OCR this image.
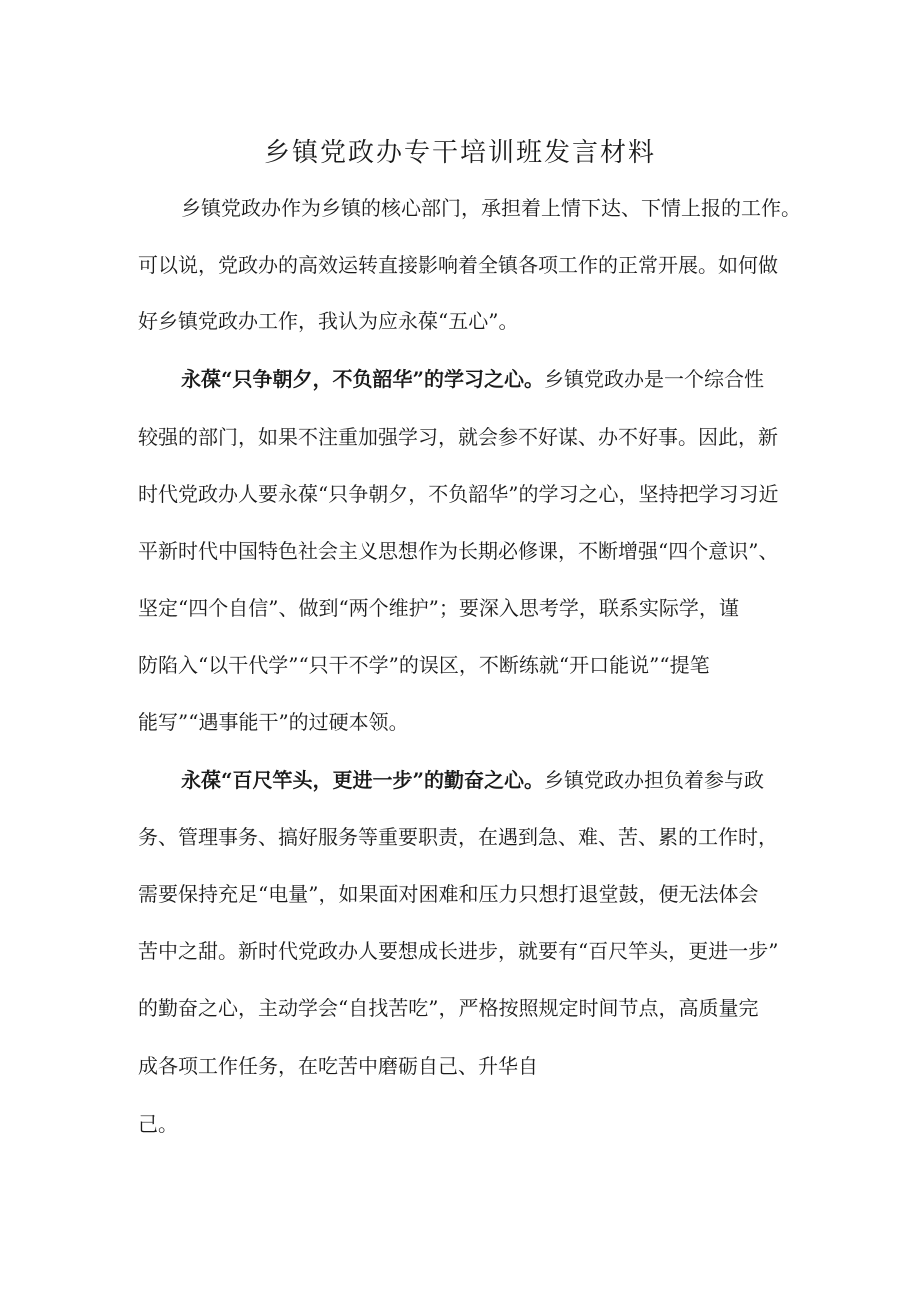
乡镇党政办专干培训班发言材料
乡镇党政办作为乡镇的核心部门，承担着上情下达、下情上报的工作。
可以说，党政办的高效运转直接影响着全镇各项工作的正常开展。如何做
好乡镇党政办工作，我认为应永葆“五心”。
永葆“只争朝夕，不负韶华”的学习之心。乡镇党政办是一个综合性
较强的部门，如果不注重加强学习，就会参不好谋、办不好事。因此，新
时代党政办人要永葆“只争朝夕，不负韶华”的学习之心，坚持把学习习近
平新时代中国特色社会主义思想作为长期必修课，不断增强“四个意识”、
坚定“四个自信”、做到“两个维护”；要深入思考学，联系实际学，谨
防陷入“以干代学”“只干不学”的误区，不断练就“开口能说”“提笔
能写”“遇事能干”的过硬本领。
永葆“百尺竿头，更进一步”的勤奋之心。乡镇党政办担负着参与政
务、管理事务、搞好服务等重要职责，在遇到急、难、苦、累的工作时，
需要保持充足“电量”，如果面对困难和压力只想打退堂鼓，便无法体会
苦中之甜。新时代党政办人要想成长进步，就要有“百尺竿头，更进一步”
的勤奋之心，主动学会“自找苦吃”，严格按照规定时间节点，高质量完
成各项工作任务，在吃苦中磨砺自己、升华自
己。
